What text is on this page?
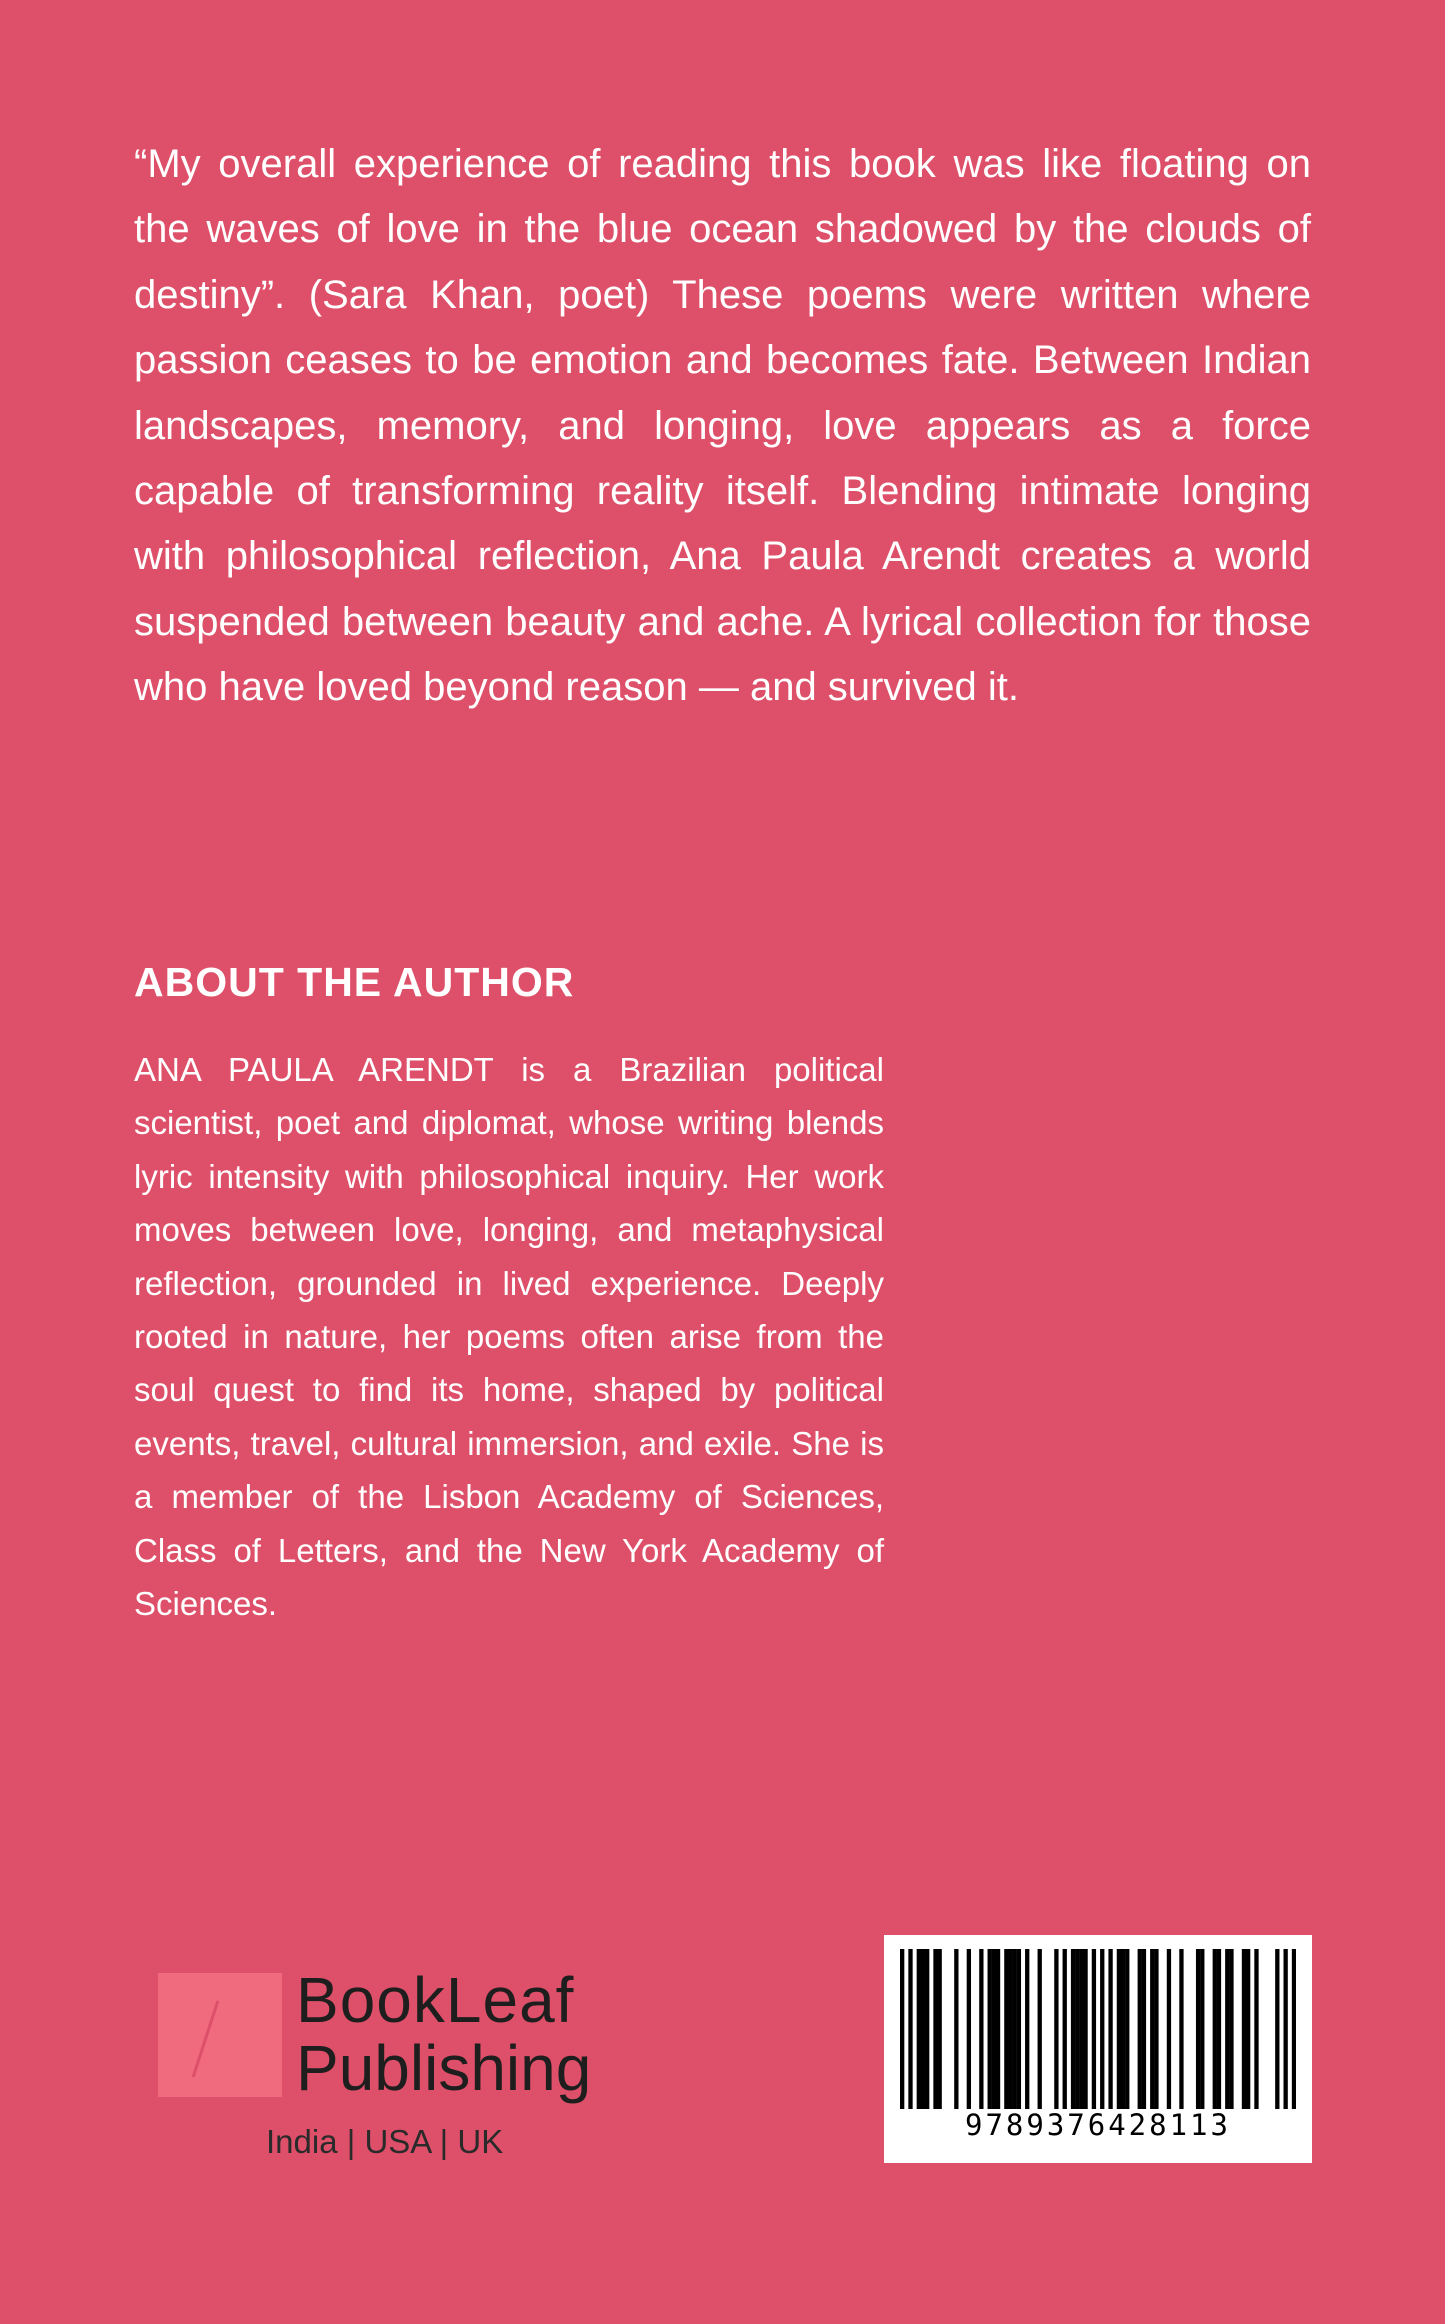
“My overall experience of reading this book was like floating on the waves of love in the blue ocean shadowed by the clouds of destiny”. (Sara Khan, poet) These poems were written where passion ceases to be emotion and becomes fate. Between Indian landscapes, memory, and longing, love appears as a force capable of transforming reality itself. Blending intimate longing with philosophical reflection, Ana Paula Arendt creates a world suspended between beauty and ache. A lyrical collection for those who have loved beyond reason — and survived it.

ABOUT THE AUTHOR

ANA PAULA ARENDT is a Brazilian political scientist, poet and diplomat, whose writing blends lyric intensity with philosophical inquiry. Her work moves between love, longing, and metaphysical reflection, grounded in lived experience. Deeply rooted in nature, her poems often arise from the soul quest to find its home, shaped by political events, travel, cultural immersion, and exile. She is a member of the Lisbon Academy of Sciences, Class of Letters, and the New York Academy of Sciences.

BookLeaf
Publishing
India | USA | UK	9789376428113
